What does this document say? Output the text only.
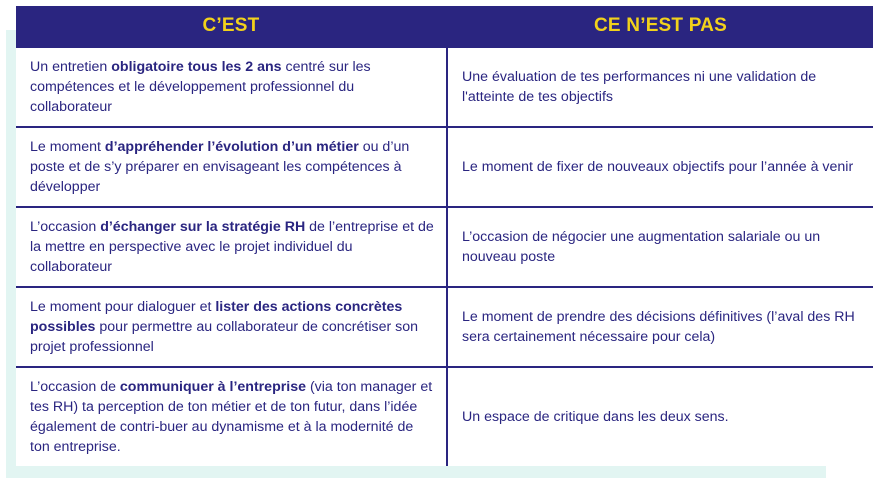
C’EST	CE N’EST PAS
Un entretien obligatoire tous les 2 ans centré sur les compétences et le développement professionnel du collaborateur
Une évaluation de tes performances ni une validation de l'atteinte de tes objectifs
Le moment d’appréhender l’évolution d’un métier ou d’un poste et de s’y préparer en envisageant les compétences à développer
Le moment de fixer de nouveaux objectifs pour l’année à venir
L’occasion d’échanger sur la stratégie RH de l’entreprise et de la mettre en perspective avec le projet individuel du collaborateur
L’occasion de négocier une augmentation salariale ou un nouveau poste
Le moment pour dialoguer et lister des actions concrètes possibles pour permettre au collaborateur de concrétiser son projet professionnel
Le moment de prendre des décisions définitives (l’aval des RH sera certainement nécessaire pour cela)
L’occasion de communiquer à l’entreprise (via ton manager et tes RH) ta perception de ton métier et de ton futur, dans l’idée également de contri-buer au dynamisme et à la modernité de ton entreprise.
Un espace de critique dans les deux sens.
